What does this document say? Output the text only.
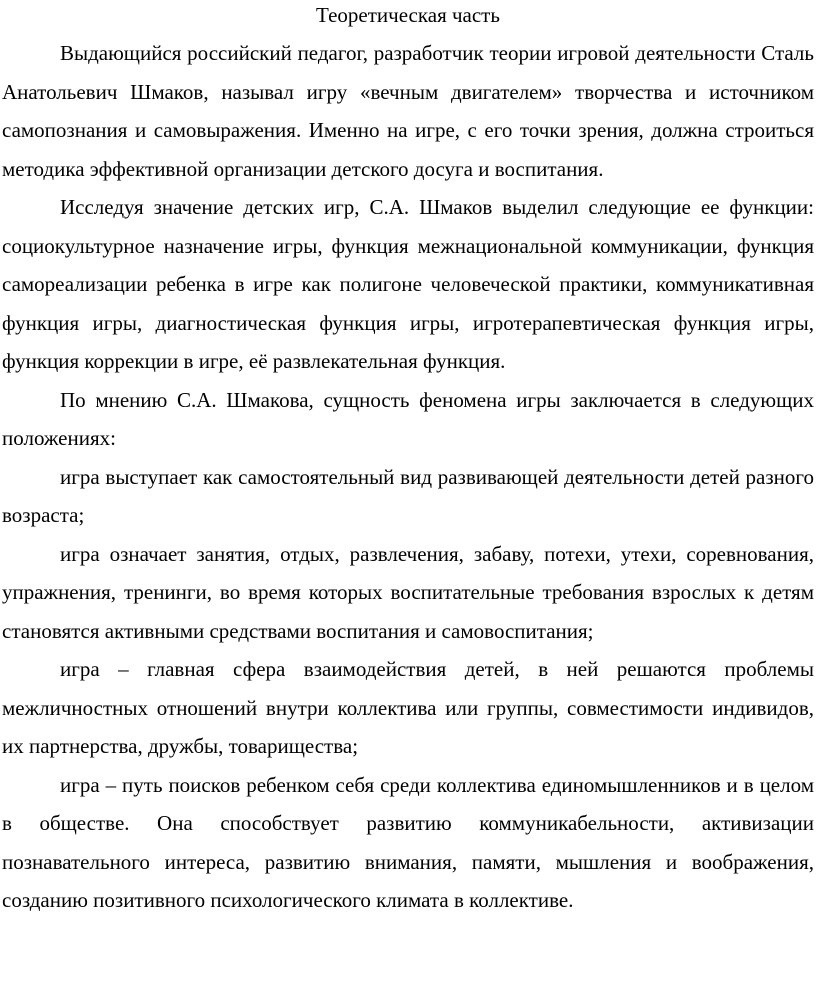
Теоретическая часть

Выдающийся российский педагог, разработчик теории игровой деятельности Сталь Анатольевич Шмаков, называл игру «вечным двигателем» творчества и источником самопознания и самовыражения. Именно на игре, с его точки зрения, должна строиться методика эффективной организации детского досуга и воспитания.

Исследуя значение детских игр, С.А. Шмаков выделил следующие ее функции: социокультурное назначение игры, функция межнациональной коммуникации, функция самореализации ребенка в игре как полигоне человеческой практики, коммуникативная функция игры, диагностическая функция игры, игротерапевтическая функция игры, функция коррекции в игре, её развлекательная функция.

По мнению С.А. Шмакова, сущность феномена игры заключается в следующих положениях:

игра выступает как самостоятельный вид развивающей деятельности детей разного возраста;

игра означает занятия, отдых, развлечения, забаву, потехи, утехи, соревнования, упражнения, тренинги, во время которых воспитательные требования взрослых к детям становятся активными средствами воспитания и самовоспитания;

игра – главная сфера взаимодействия детей, в ней решаются проблемы межличностных отношений внутри коллектива или группы, совместимости индивидов, их партнерства, дружбы, товарищества;

игра – путь поисков ребенком себя среди коллектива единомышленников и в целом в обществе. Она способствует развитию коммуникабельности, активизации познавательного интереса, развитию внимания, памяти, мышления и воображения, созданию позитивного психологического климата в коллективе.
